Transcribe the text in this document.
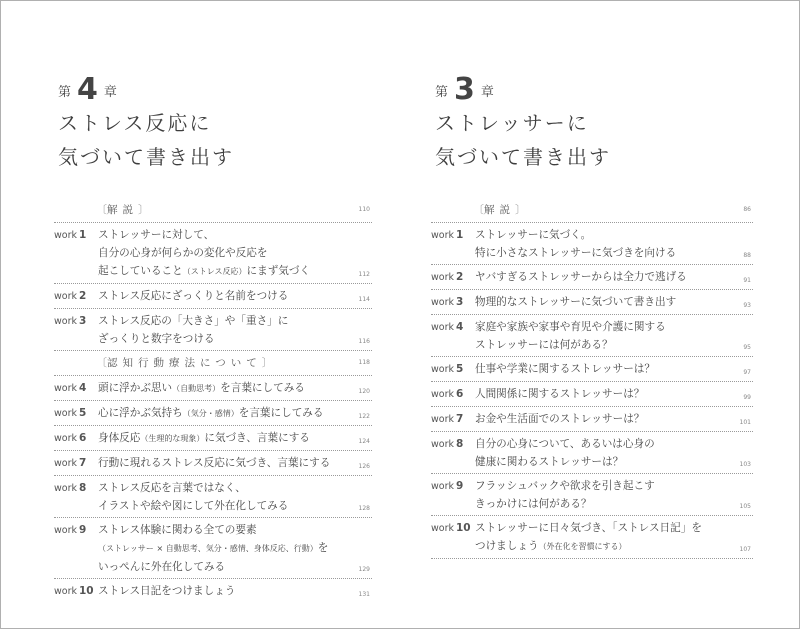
第 4 章
ストレス反応に
気づいて書き出す
〔解説〕	110
work 1	ストレッサーに対して、
自分の心身が何らかの変化や反応を
起こしていること（ストレス反応）にまず気づく	112
work 2	ストレス反応にざっくりと名前をつける	114
work 3	ストレス反応の「大きさ」や「重さ」に
ざっくりと数字をつける	116
〔認知行動療法について〕	118
work 4	頭に浮かぶ思い（自動思考）を言葉にしてみる	120
work 5	心に浮かぶ気持ち（気分・感情）を言葉にしてみる	122
work 6	身体反応（生理的な現象）に気づき、言葉にする	124
work 7	行動に現れるストレス反応に気づき、言葉にする	126
work 8	ストレス反応を言葉ではなく、
イラストや絵や図にして外在化してみる	128
work 9	ストレス体験に関わる全ての要素
（ストレッサー × 自動思考、気分・感情、身体反応、行動）を
いっぺんに外在化してみる	129
work 10 ストレス日記をつけましょう	131
第 3 章
ストレッサーに
気づいて書き出す
〔解説〕	86
work 1	ストレッサーに気づく。
特に小さなストレッサーに気づきを向ける	88
work 2	ヤバすぎるストレッサーからは全力で逃げる	91
work 3	物理的なストレッサーに気づいて書き出す	93
work 4	家庭や家族や家事や育児や介護に関する
ストレッサーには何がある？	95
work 5	仕事や学業に関するストレッサーは？	97
work 6	人間関係に関するストレッサーは？	99
work 7	お金や生活面でのストレッサーは？	101
work 8	自分の心身について、あるいは心身の
健康に関わるストレッサーは？	103
work 9	フラッシュバックや欲求を引き起こす
きっかけには何がある？	105
work 10 ストレッサーに日々気づき、「ストレス日記」を
つけましょう（外在化を習慣にする）	107
